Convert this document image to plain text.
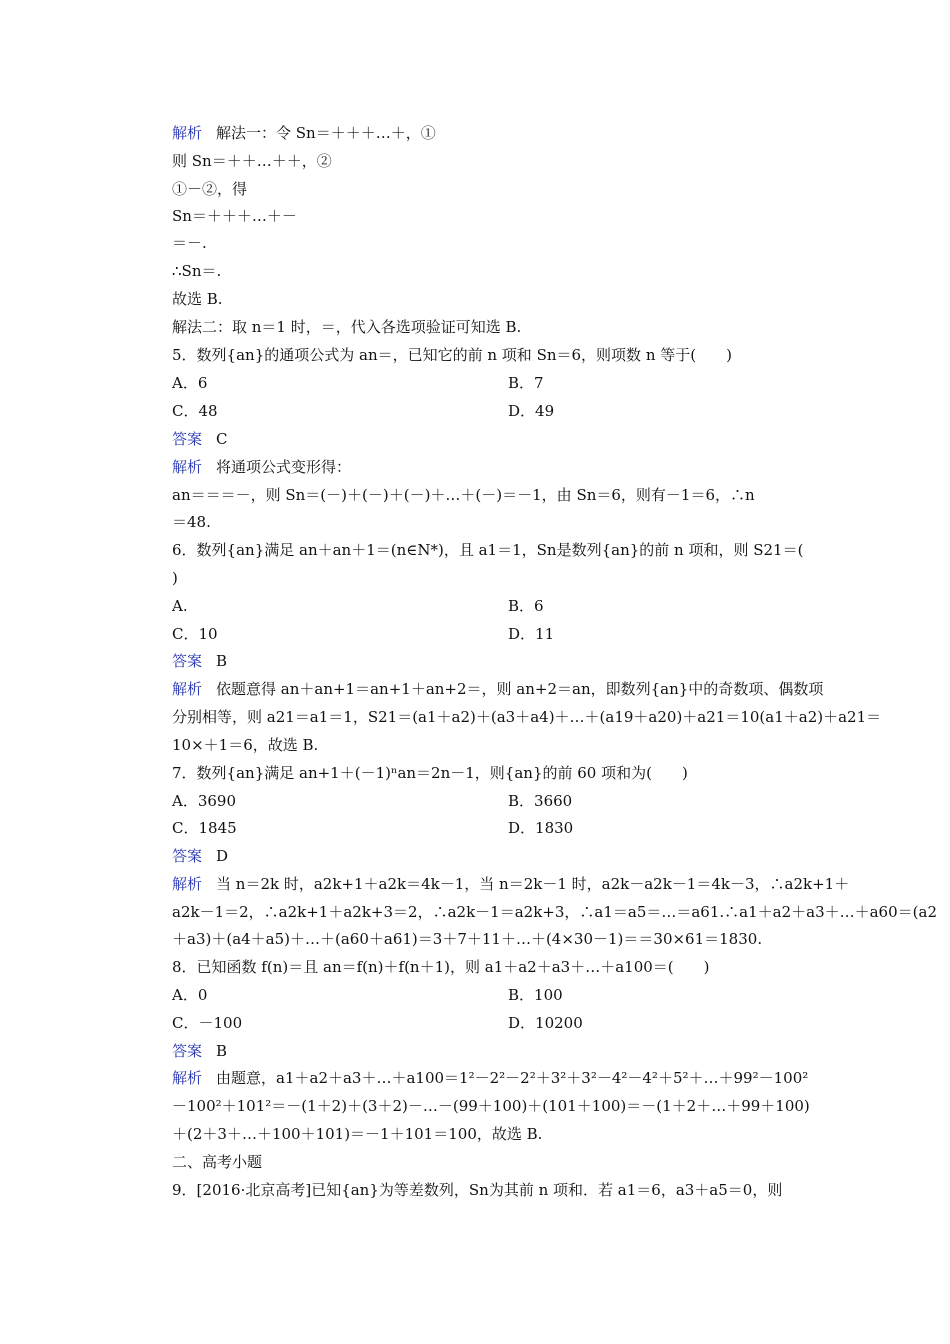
解析 解法一：令 Sn＝＋＋＋…＋，①
则 Sn＝＋＋…＋＋，②
①－②，得
Sn＝＋＋＋…＋－
＝－.
∴Sn＝.
故选 B.
解法二：取 n＝1 时，＝，代入各选项验证可知选 B.
5．数列{an}的通项公式为 an＝，已知它的前 n 项和 Sn＝6，则项数 n 等于(　　)
A．6	B．7
C．48	D．49
答案 C
解析 将通项公式变形得：
an＝＝＝－，则 Sn＝(－)＋(－)＋(－)＋…＋(－)＝－1，由 Sn＝6，则有－1＝6，∴n
＝48.
6．数列{an}满足 an＋an＋1＝(n∈N*)，且 a1＝1，Sn是数列{an}的前 n 项和，则 S21＝(
)
A.	B．6
C．10	D．11
答案 B
解析 依题意得 an＋an+1＝an+1＋an+2＝，则 an+2＝an，即数列{an}中的奇数项、偶数项
分别相等，则 a21＝a1＝1，S21＝(a1＋a2)＋(a3＋a4)＋…＋(a19＋a20)＋a21＝10(a1＋a2)＋a21＝
10×＋1＝6，故选 B.
7．数列{an}满足 an+1＋(－1)ⁿan＝2n－1，则{an}的前 60 项和为(　　)
A．3690	B．3660
C．1845	D．1830
答案 D
解析 当 n＝2k 时，a2k+1＋a2k＝4k－1，当 n＝2k－1 时，a2k－a2k－1＝4k－3，∴a2k+1＋
a2k－1＝2，∴a2k+1＋a2k+3＝2，∴a2k－1＝a2k+3，∴a1＝a5＝…＝a61.∴a1＋a2＋a3＋…＋a60＝(a2
＋a3)＋(a4＋a5)＋…＋(a60＋a61)＝3＋7＋11＋…＋(4×30－1)＝＝30×61＝1830.
8．已知函数 f(n)＝且 an＝f(n)＋f(n＋1)，则 a1＋a2＋a3＋…＋a100＝(　　)
A．0	B．100
C．－100	D．10200
答案 B
解析 由题意，a1＋a2＋a3＋…＋a100＝1²－2²－2²＋3²＋3²－4²－4²＋5²＋…＋99²－100²
－100²＋101²＝－(1＋2)＋(3＋2)－…－(99＋100)＋(101＋100)＝－(1＋2＋…＋99＋100)
＋(2＋3＋…＋100＋101)＝－1＋101＝100，故选 B.
二、高考小题
9．[2016·北京高考]已知{an}为等差数列，Sn为其前 n 项和．若 a1＝6，a3＋a5＝0，则
